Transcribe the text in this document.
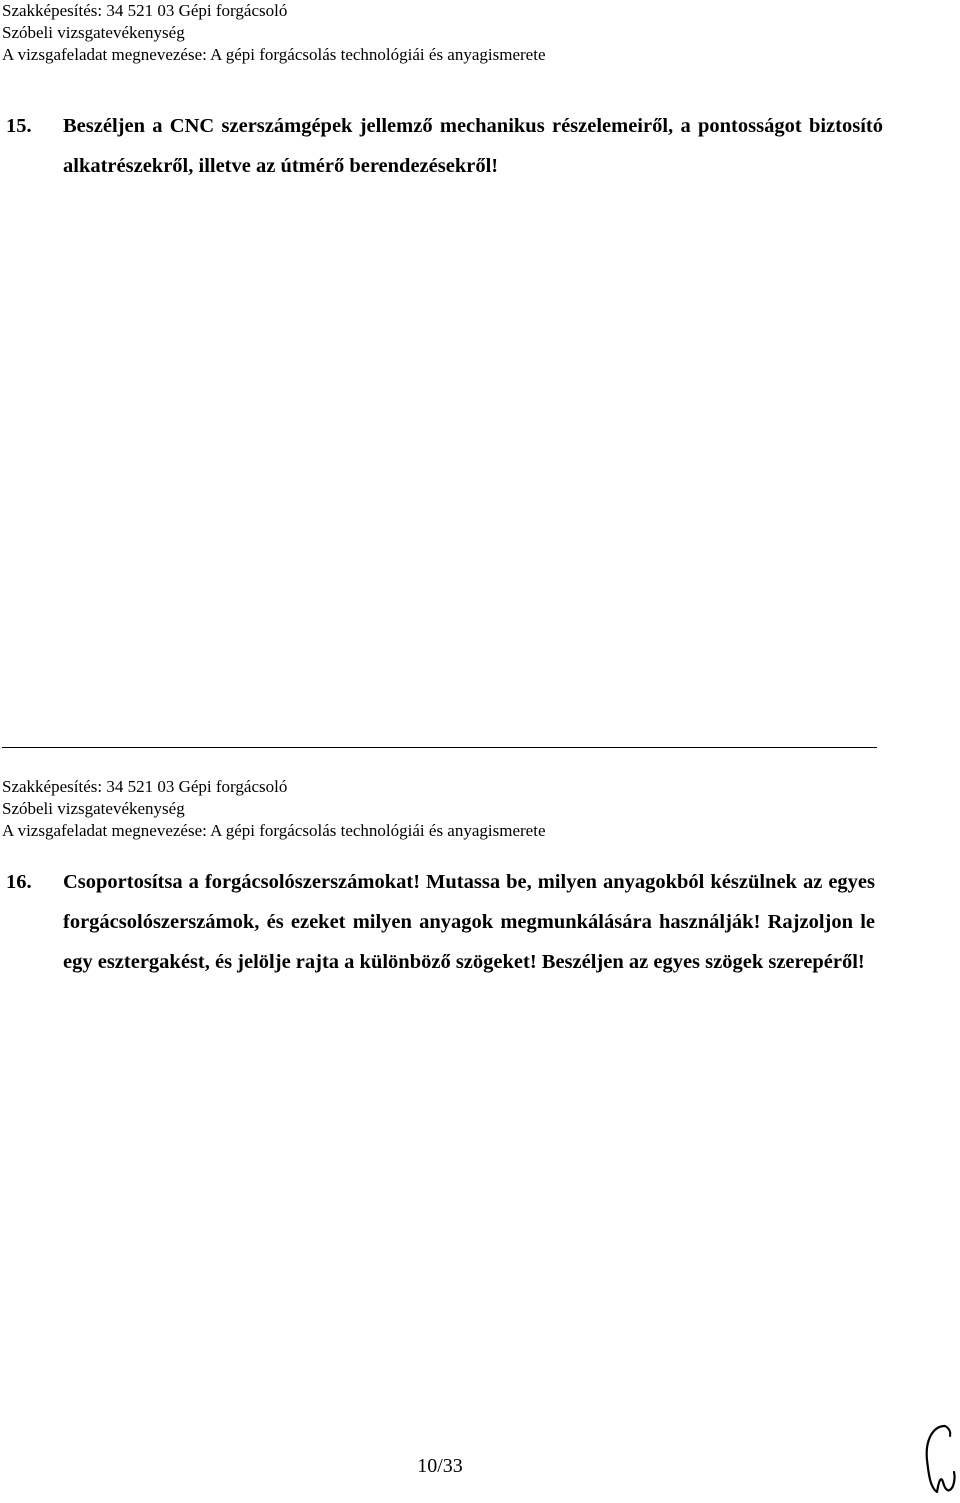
Szakképesítés: 34 521 03 Gépi forgácsoló
Szóbeli vizsgatevékenység
A vizsgafeladat megnevezése: A gépi forgácsolás technológiái és anyagismerete
15. Beszéljen a CNC szerszámgépek jellemző mechanikus részelemeiről, a pontosságot biztosító alkatrészekről, illetve az útmérő berendezésekről!
Szakképesítés: 34 521 03 Gépi forgácsoló
Szóbeli vizsgatevékenység
A vizsgafeladat megnevezése: A gépi forgácsolás technológiái és anyagismerete
16. Csoportosítsa a forgácsolószerszámokat! Mutassa be, milyen anyagokból készülnek az egyes forgácsolószerszámok, és ezeket milyen anyagok megmunkálására használják! Rajzoljon le egy esztergakést, és jelölje rajta a különböző szögeket! Beszéljen az egyes szögek szerepéről!
10/33
